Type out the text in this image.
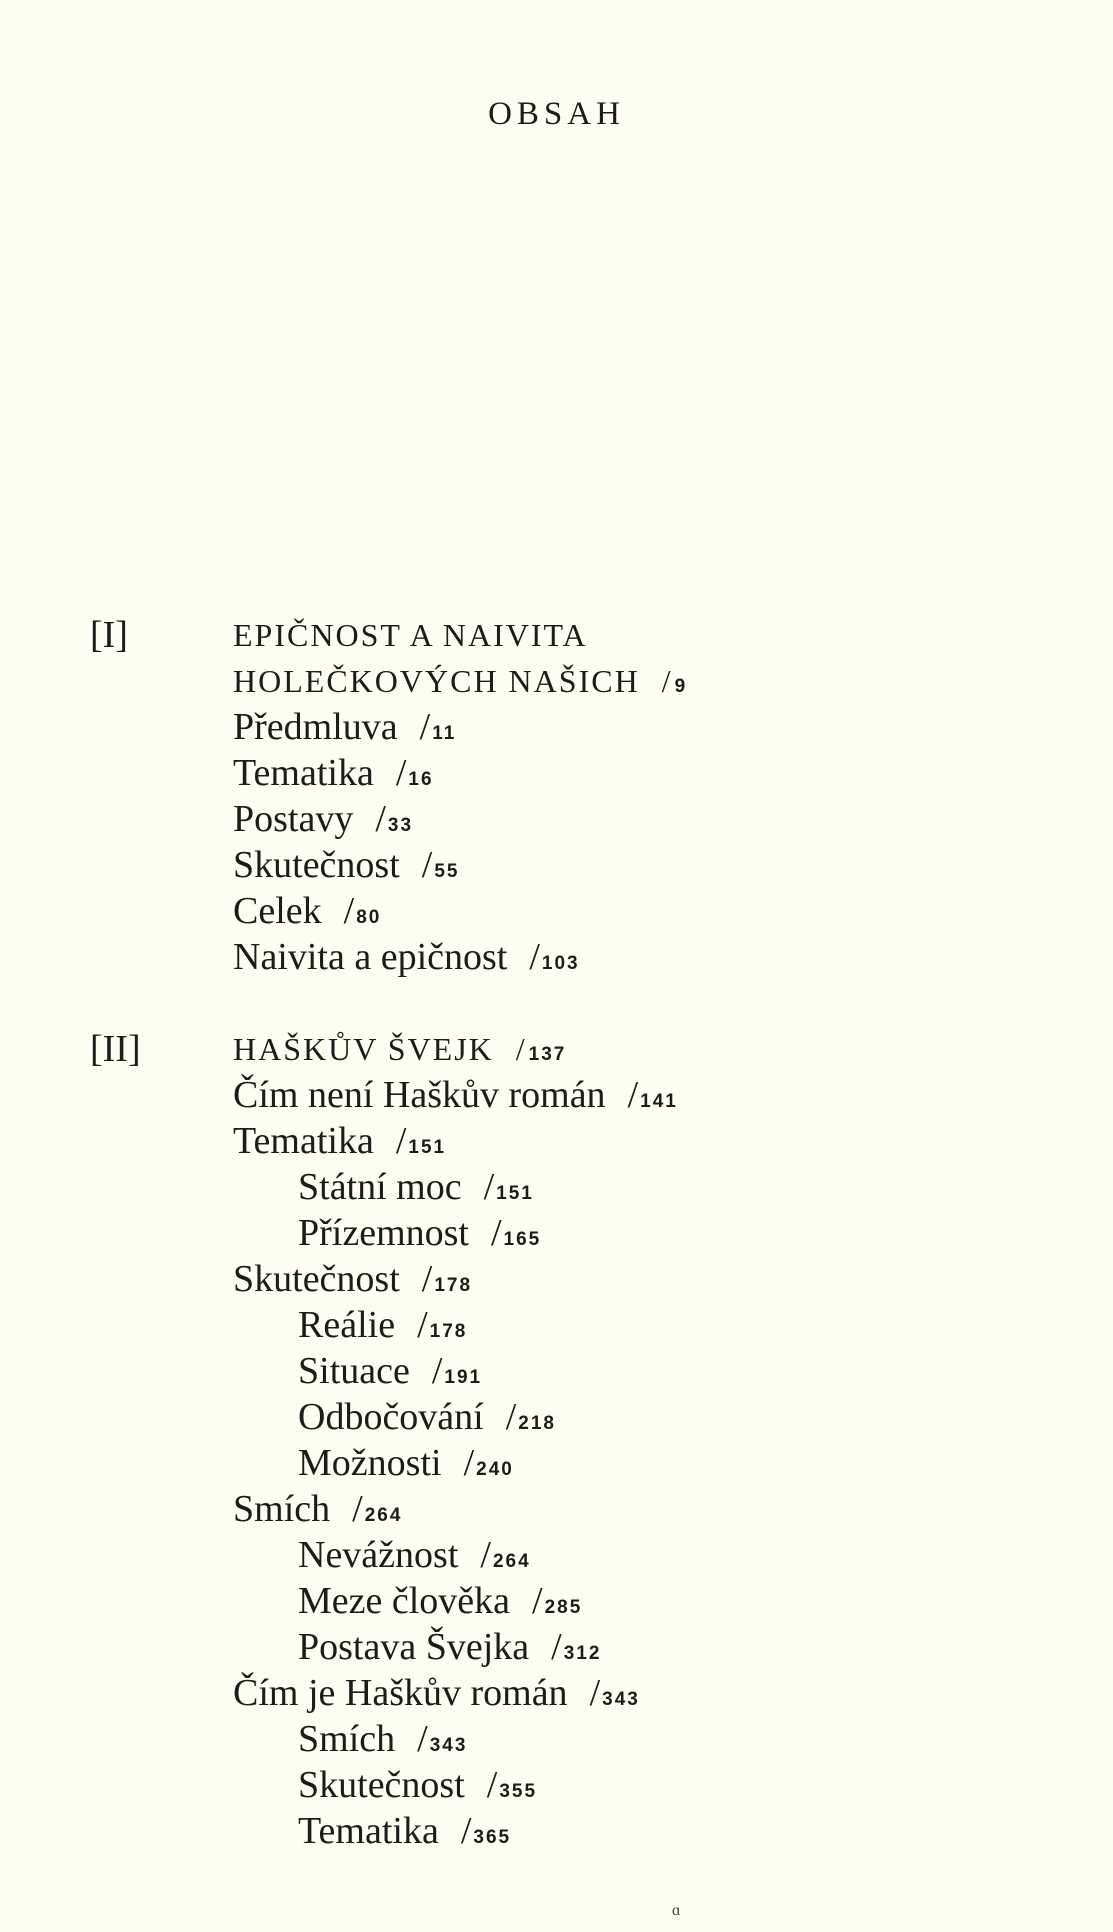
OBSAH
[I]	EPIČNOST A NAIVITA
HOLEČKOVÝCH NAŠICH / 9
Předmluva / 11
Tematika / 16
Postavy / 33
Skutečnost / 55
Celek / 80
Naivita a epičnost / 103
[II]	HAŠKŮV ŠVEJK / 137
Čím není Haškův román / 141
Tematika / 151
Státní moc / 151
Přízemnost / 165
Skutečnost / 178
Reálie / 178
Situace / 191
Odbočování / 218
Možnosti / 240
Smích / 264
Nevážnost / 264
Meze člověka / 285
Postava Švejka / 312
Čím je Haškův román / 343
Smích / 343
Skutečnost / 355
Tematika / 365
ɑ
